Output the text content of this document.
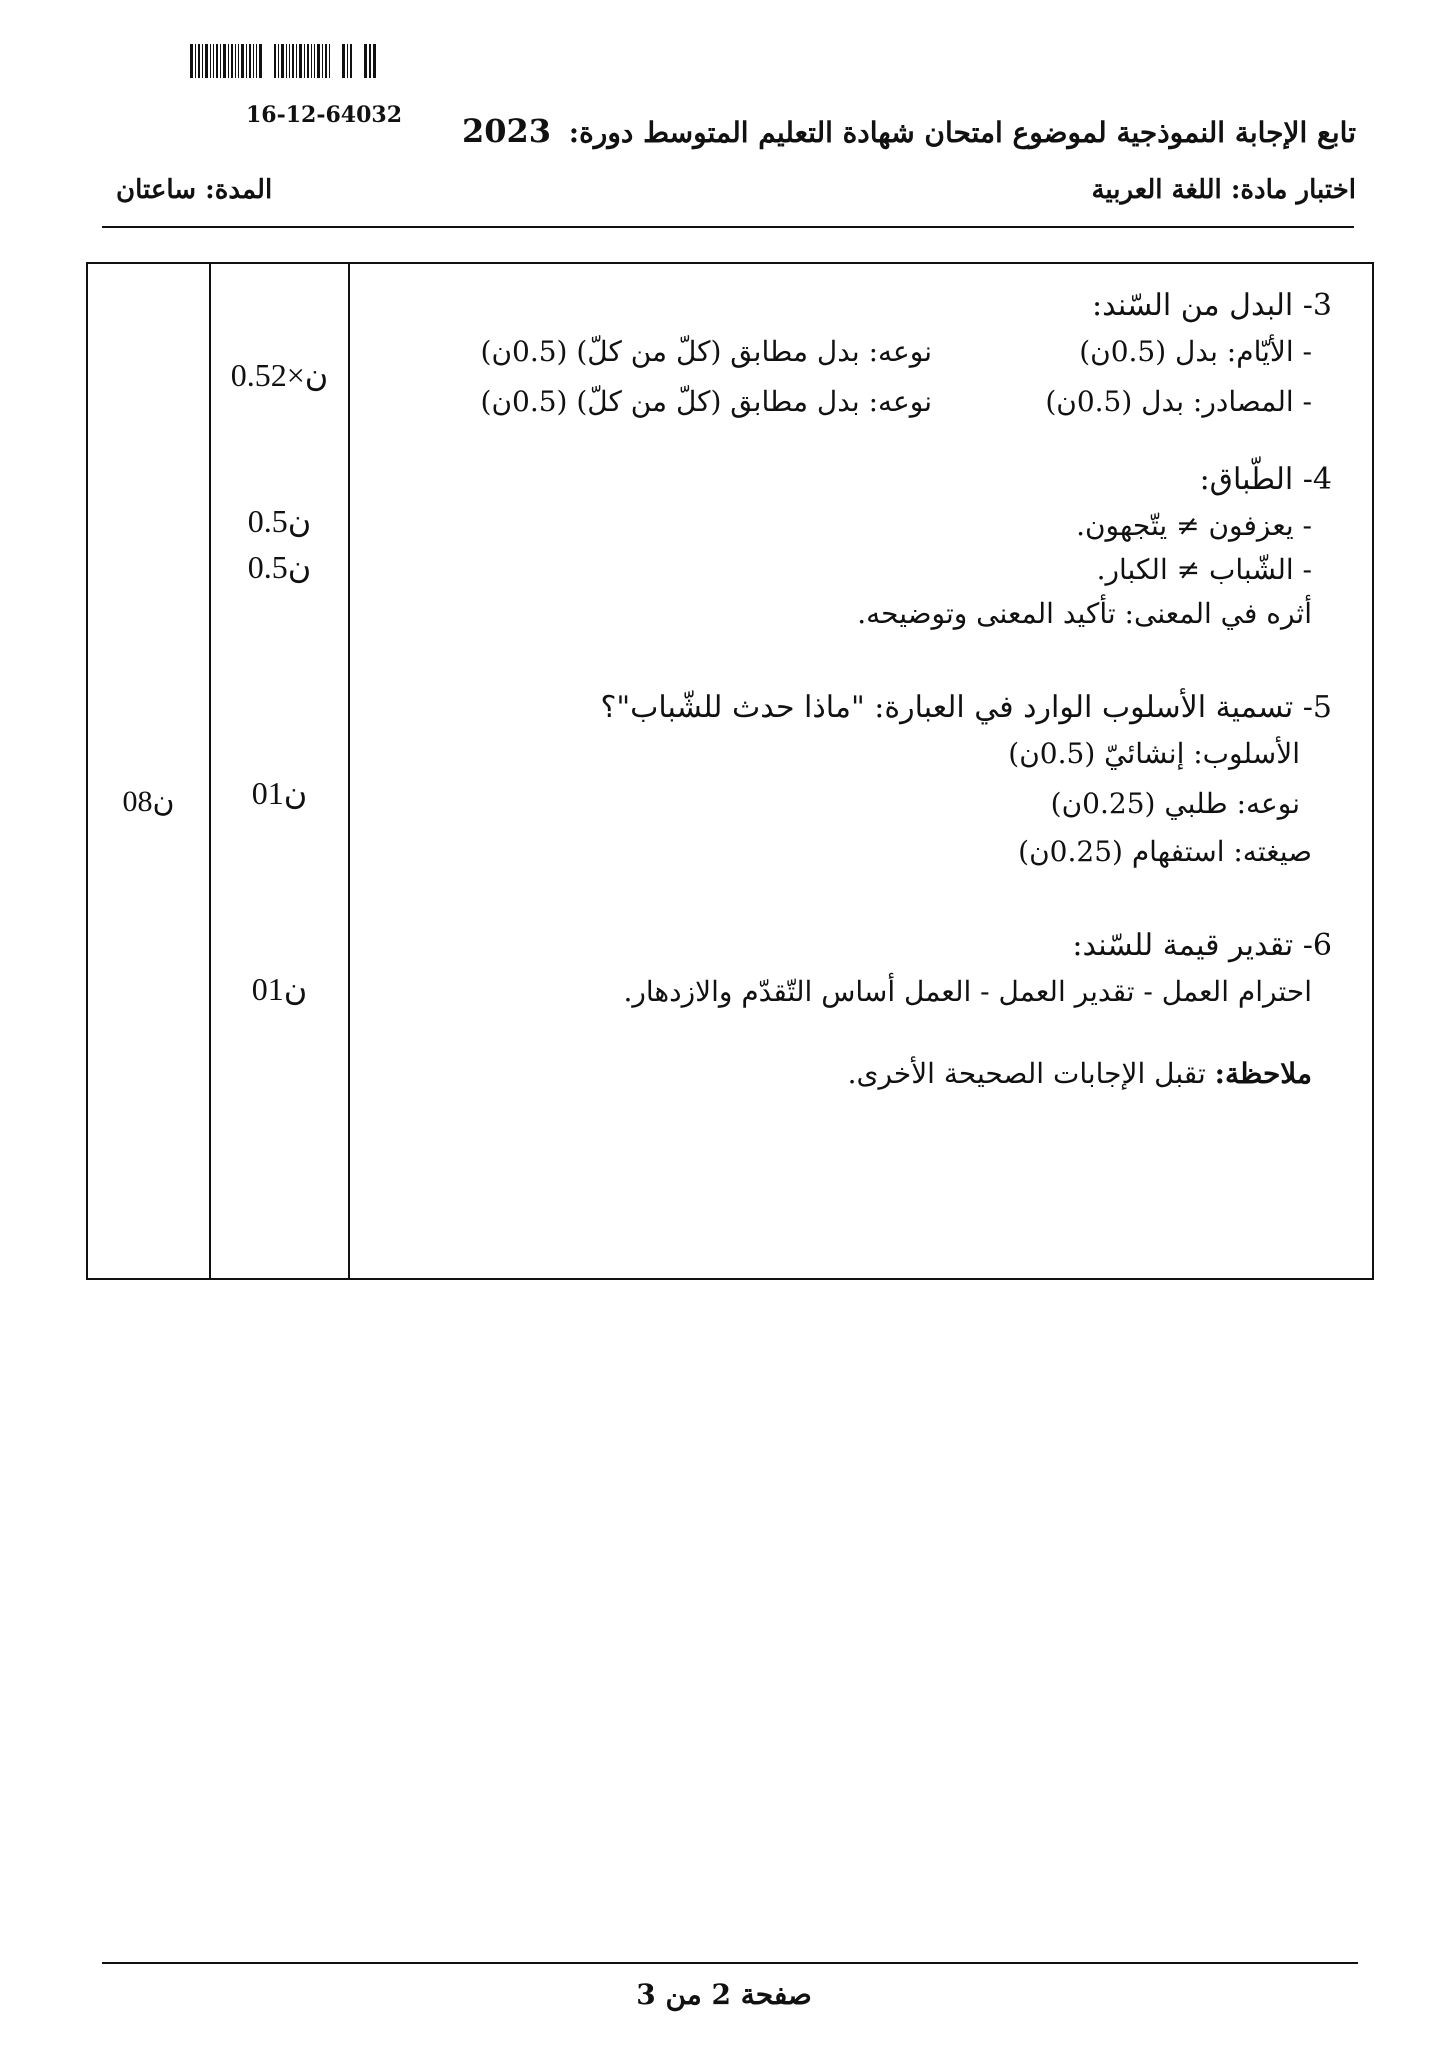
16-12-64032
تابع الإجابة النموذجية لموضوع امتحان شهادة التعليم المتوسط دورة: 2023
اختبار مادة: اللغة العربية
المدة: ساعتان
08ن
0.5ن×2
0.5ن
0.5ن
01ن
01ن
3- البدل من السّند:
- الأيّام: بدل (0.5ن)
نوعه: بدل مطابق (كلّ من كلّ) (0.5ن)
- المصادر: بدل (0.5ن)
نوعه: بدل مطابق (كلّ من كلّ) (0.5ن)
4- الطّباق:
- يعزفون ≠ يتّجهون.
- الشّباب ≠ الكبار.
أثره في المعنى: تأكيد المعنى وتوضيحه.
5- تسمية الأسلوب الوارد في العبارة: "ماذا حدث للشّباب"؟
الأسلوب: إنشائيّ (0.5ن)
نوعه: طلبي (0.25ن)
صيغته: استفهام (0.25ن)
6- تقدير قيمة للسّند:
احترام العمل - تقدير العمل - العمل أساس التّقدّم والازدهار.
ملاحظة: تقبل الإجابات الصحيحة الأخرى.
صفحة 2 من 3
